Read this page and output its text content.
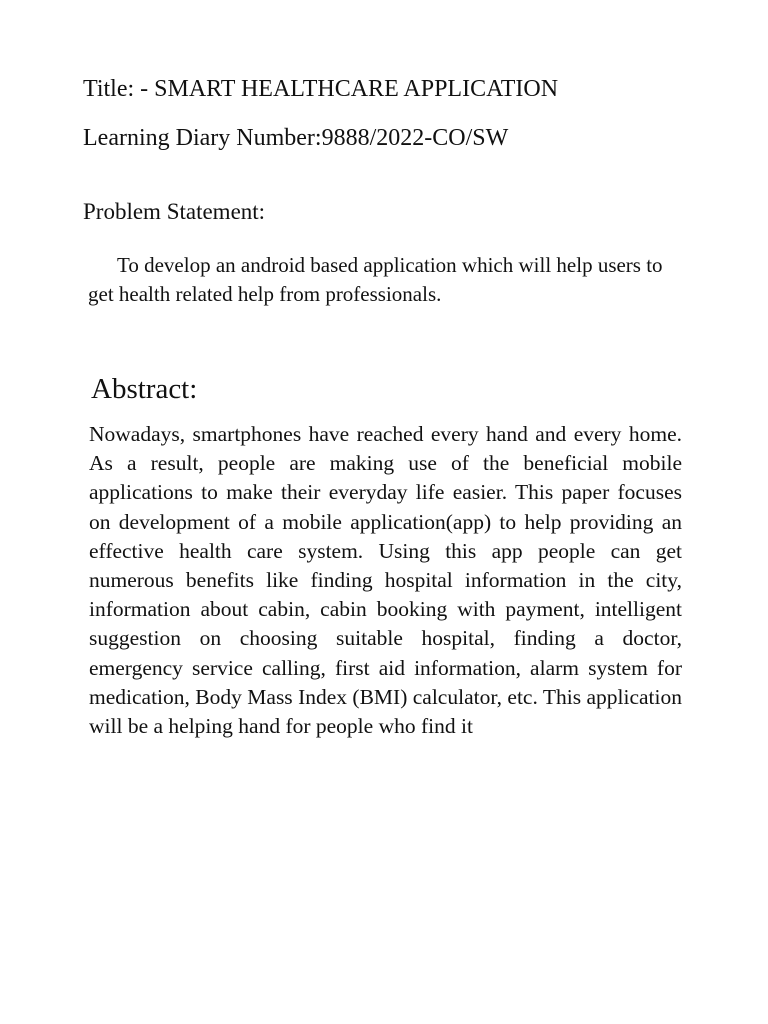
Title: - SMART HEALTHCARE APPLICATION
Learning Diary Number:9888/2022-CO/SW
Problem Statement:
To develop an android based application which will help users to get health related help from professionals.
Abstract:
Nowadays, smartphones have reached every hand and every home. As a result, people are making use of the beneficial mobile applications to make their everyday life easier. This paper focuses on development of a mobile application(app) to help providing an effective health care system. Using this app people can get numerous benefits like finding hospital information in the city, information about cabin, cabin booking with payment, intelligent suggestion on choosing suitable hospital, finding a doctor, emergency service calling, first aid information, alarm system for medication, Body Mass Index (BMI) calculator, etc. This application will be a helping hand for people who find it
